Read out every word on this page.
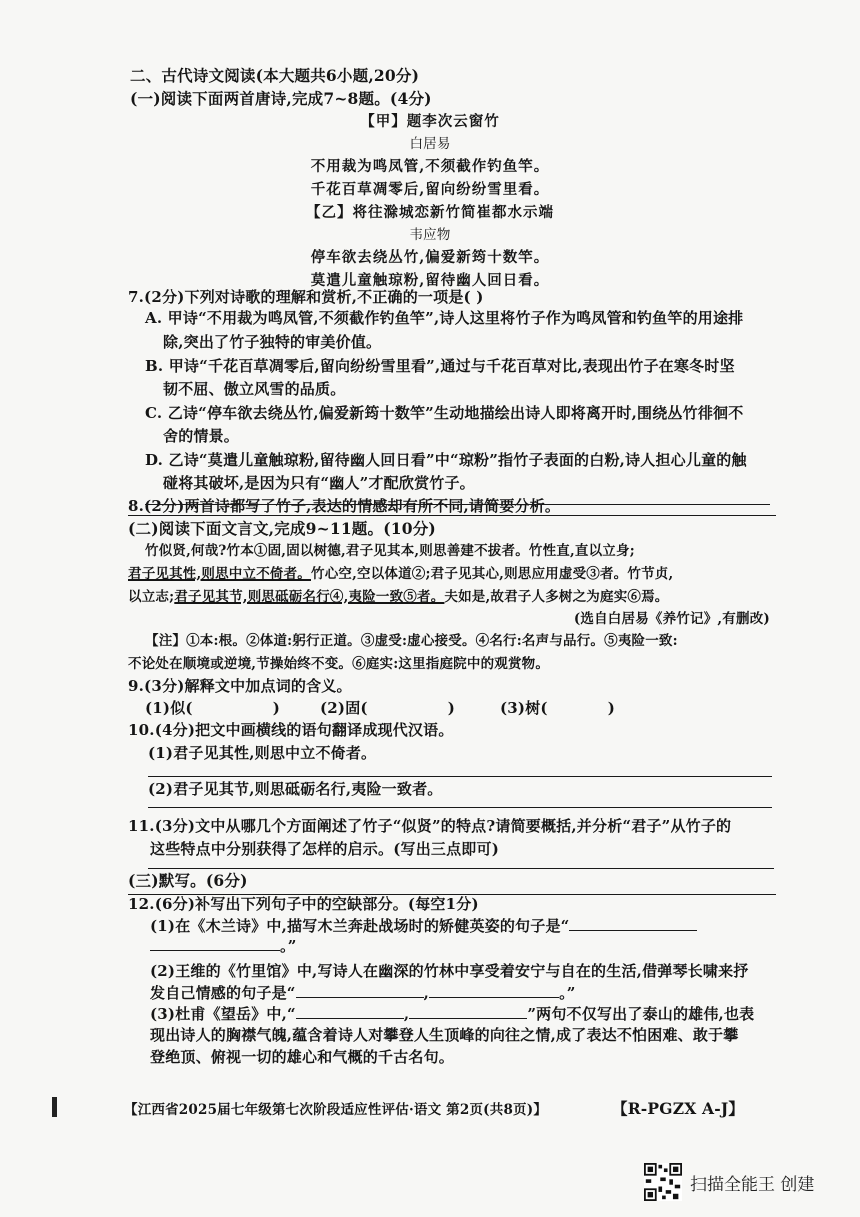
二、古代诗文阅读(本大题共6小题,20分)
(一)阅读下面两首唐诗,完成7~8题。(4分)
【甲】题李次云窗竹
白居易
不用裁为鸣凤管,不须截作钓鱼竿。
千花百草凋零后,留向纷纷雪里看。
【乙】将往滁城恋新竹简崔都水示端
韦应物
停车欲去绕丛竹,偏爱新筠十数竿。
莫遣儿童触琼粉,留待幽人回日看。
7.(2分)下列对诗歌的理解和赏析,不正确的一项是( )
A. 甲诗“不用裁为鸣凤管,不须截作钓鱼竿”,诗人这里将竹子作为鸣凤管和钓鱼竿的用途排
除,突出了竹子独特的审美价值。
B. 甲诗“千花百草凋零后,留向纷纷雪里看”,通过与千花百草对比,表现出竹子在寒冬时坚
韧不屈、傲立风雪的品质。
C. 乙诗“停车欲去绕丛竹,偏爱新筠十数竿”生动地描绘出诗人即将离开时,围绕丛竹徘徊不
舍的情景。
D. 乙诗“莫遣儿童触琼粉,留待幽人回日看”中“琼粉”指竹子表面的白粉,诗人担心儿童的触
碰将其破坏,是因为只有“幽人”才配欣赏竹子。
8.(2分)两首诗都写了竹子,表达的情感却有所不同,请简要分析。
(二)阅读下面文言文,完成9~11题。(10分)
竹似贤,何哉?竹本①固,固以树德,君子见其本,则思善建不拔者。竹性直,直以立身;
君子见其性,则思中立不倚者。竹心空,空以体道②;君子见其心,则思应用虚受③者。竹节贞,
以立志;君子见其节,则思砥砺名行④,夷险一致⑤者。夫如是,故君子人多树之为庭实⑥焉。
(选自白居易《养竹记》,有删改)
【注】①本:根。②体道:躬行正道。③虚受:虚心接受。④名行:名声与品行。⑤夷险一致:
不论处在顺境或逆境,节操始终不变。⑥庭实:这里指庭院中的观赏物。
9.(3分)解释文中加点词的含义。
(1)似(	)	(2)固(	)	(3)树(	)
10.(4分)把文中画横线的语句翻译成现代汉语。
(1)君子见其性,则思中立不倚者。
(2)君子见其节,则思砥砺名行,夷险一致者。
11.(3分)文中从哪几个方面阐述了竹子“似贤”的特点?请简要概括,并分析“君子”从竹子的
这些特点中分别获得了怎样的启示。(写出三点即可)
(三)默写。(6分)
12.(6分)补写出下列句子中的空缺部分。(每空1分)
(1)在《木兰诗》中,描写木兰奔赴战场时的矫健英姿的句子是“
。”
(2)王维的《竹里馆》中,写诗人在幽深的竹林中享受着安宁与自在的生活,借弹琴长啸来抒
发自己情感的句子是“	,	。”
(3)杜甫《望岳》中,“	,	”两句不仅写出了泰山的雄伟,也表
现出诗人的胸襟气魄,蕴含着诗人对攀登人生顶峰的向往之情,成了表达不怕困难、敢于攀
登绝顶、俯视一切的雄心和气概的千古名句。
【江西省2025届七年级第七次阶段适应性评估·语文 第2页(共8页)】	【R-PGZX A-J】
扫描全能王 创建
